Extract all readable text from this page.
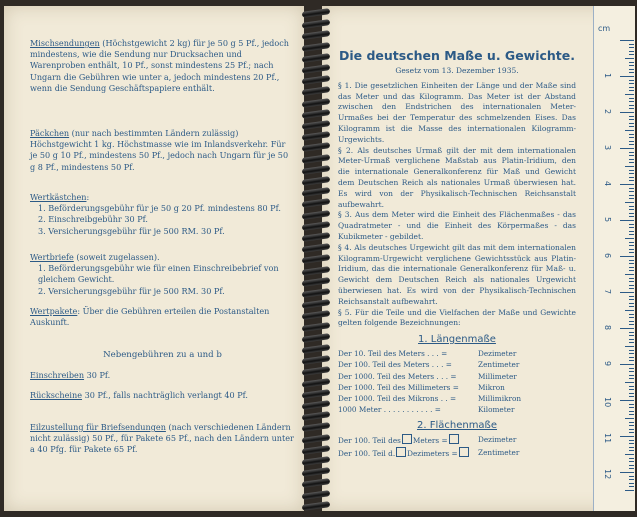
Mischsendungen (Höchstgewicht 2 kg) für je 50 g 5 Pf., jedoch mindestens, wie die Sendung nur Drucksachen und Warenproben enthält, 10 Pf., sonst mindestens 25 Pf.; nach Ungarn die Gebühren wie unter a, jedoch mindestens 20 Pf., wenn die Sendung Geschäftspapiere enthält.

Päckchen (nur nach bestimmten Ländern zulässig) Höchstgewicht 1 kg. Höchstmasse wie im Inlandsverkehr. Für je 50 g 10 Pf., mindestens 50 Pf., jedoch nach Ungarn für je 50 g 8 Pf., mindestens 50 Pf.

Wertkästchen:

1. Beförderungsgebühr für je 50 g 20 Pf. mindestens 80 Pf.

2. Einschreibgebühr 30 Pf.

3. Versicherungsgebühr für je 500 RM. 30 Pf.

Wertbriefe (soweit zugelassen).

1. Beförderungsgebühr wie für einen Einschreibebrief von gleichem Gewicht.

2. Versicherungsgebühr für je 500 RM. 30 Pf.

Wertpakete: Über die Gebühren erteilen die Postanstalten Auskunft.

Nebengebühren zu a und b

Einschreiben 30 Pf.

Rückscheine 30 Pf., falls nachträglich verlangt 40 Pf.

Eilzustellung für Briefsendungen (nach verschiedenen Ländern nicht zulässig) 50 Pf., für Pakete 65 Pf., nach den Ländern unter a 40 Pfg. für Pakete 65 Pf.

Die deutschen Maße u. Gewichte.
Gesetz vom 13. Dezember 1935.

§ 1. Die gesetzlichen Einheiten der Länge und der Maße sind das Meter und das Kilogramm. Das Meter ist der Abstand zwischen den Endstrichen des internationalen Meter-Urmaßes bei der Temperatur des schmelzenden Eises. Das Kilogramm ist die Masse des internationalen Kilogramm-Urgewichts.

§ 2. Als deutsches Urmaß gilt der mit dem internationalen Meter-Urmaß verglichene Maßstab aus Platin-Iridium, den die internationale Generalkonferenz für Maß und Gewicht dem Deutschen Reich als nationales Urmaß überwiesen hat. Es wird von der Physikalisch-Technischen Reichsanstalt aufbewahrt.

§ 3. Aus dem Meter wird die Einheit des Flächenmaßes - das Quadratmeter - und die Einheit des Körpermaßes - das Kubikmeter - gebildet.

§ 4. Als deutsches Urgewicht gilt das mit dem internationalen Kilogramm-Urgewicht verglichene Gewichtsstück aus Platin-Iridium, das die internationale Generalkonferenz für Maß- u. Gewicht dem Deutschen Reich als nationales Urgewicht überwiesen hat. Es wird von der Physikalisch-Technischen Reichsanstalt aufbewahrt.

§ 5. Für die Teile und die Vielfachen der Maße und Gewichte gelten folgende Bezeichnungen:

1. Längenmaße
Der 10. Teil des Meters . . . =	Dezimeter
Der 100. Teil des Meters . . . =	Zentimeter
Der 1000. Teil des Meters . . . =	Millimeter
Der 1000. Teil des Millimeters =	Mikron
Der 1000. Teil des Mikrons . . =	Millimikron
1000 Meter . . . . . . . . . . . =	Kilometer
2. Flächenmaße
Der 100. Teil des Meters =	Dezimeter
Der 100. Teil d. Dezimeters =	Zentimeter
cm
1
2
3
4
5
6
7
8
9
10
11
12
